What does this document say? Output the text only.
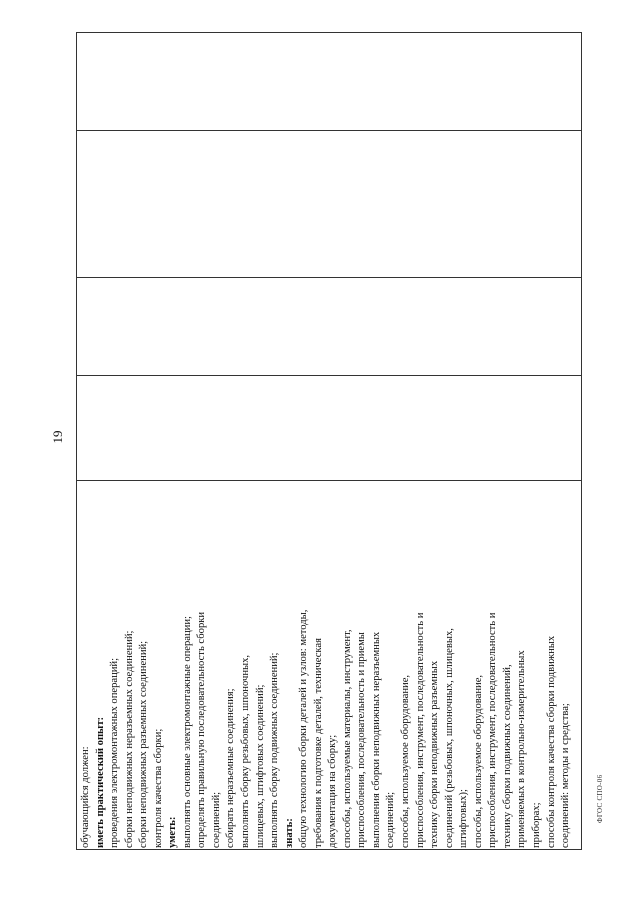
19
ФГОС СПО-06
обучающийся должен: иметь практический опыт: проведения электромонтажных операций; сборки неподвижных неразъемных соединений; сборки неподвижных разъемных соединений; контроля качества сборки; уметь: выполнять основные электромонтажные операции; определять правильную последовательность сборки соединений; собирать неразъемные соединения; выполнять сборку резьбовых, шпоночных, шлицевых, штифтовых соединений; выполнять сборку подвижных соединений; знать: общую технологию сборки деталей и узлов: методы, требования к подготовке деталей, техническая документация на сборку; способы, используемые материалы, инструмент, приспособления, последовательность и приемы выполнения сборки неподвижных неразъемных соединений; способы, используемое оборудование, приспособления, инструмент, последовательность и технику сборки неподвижных разъемных соединений (резьбовых, шпоночных, шлицевых, штифтовых); способы, используемое оборудование, приспособления, инструмент, последовательность и технику сборки подвижных соединений, применяемых в контрольно-измерительных приборах; способы контроля качества сборки подвижных соединений: методы и средства;
